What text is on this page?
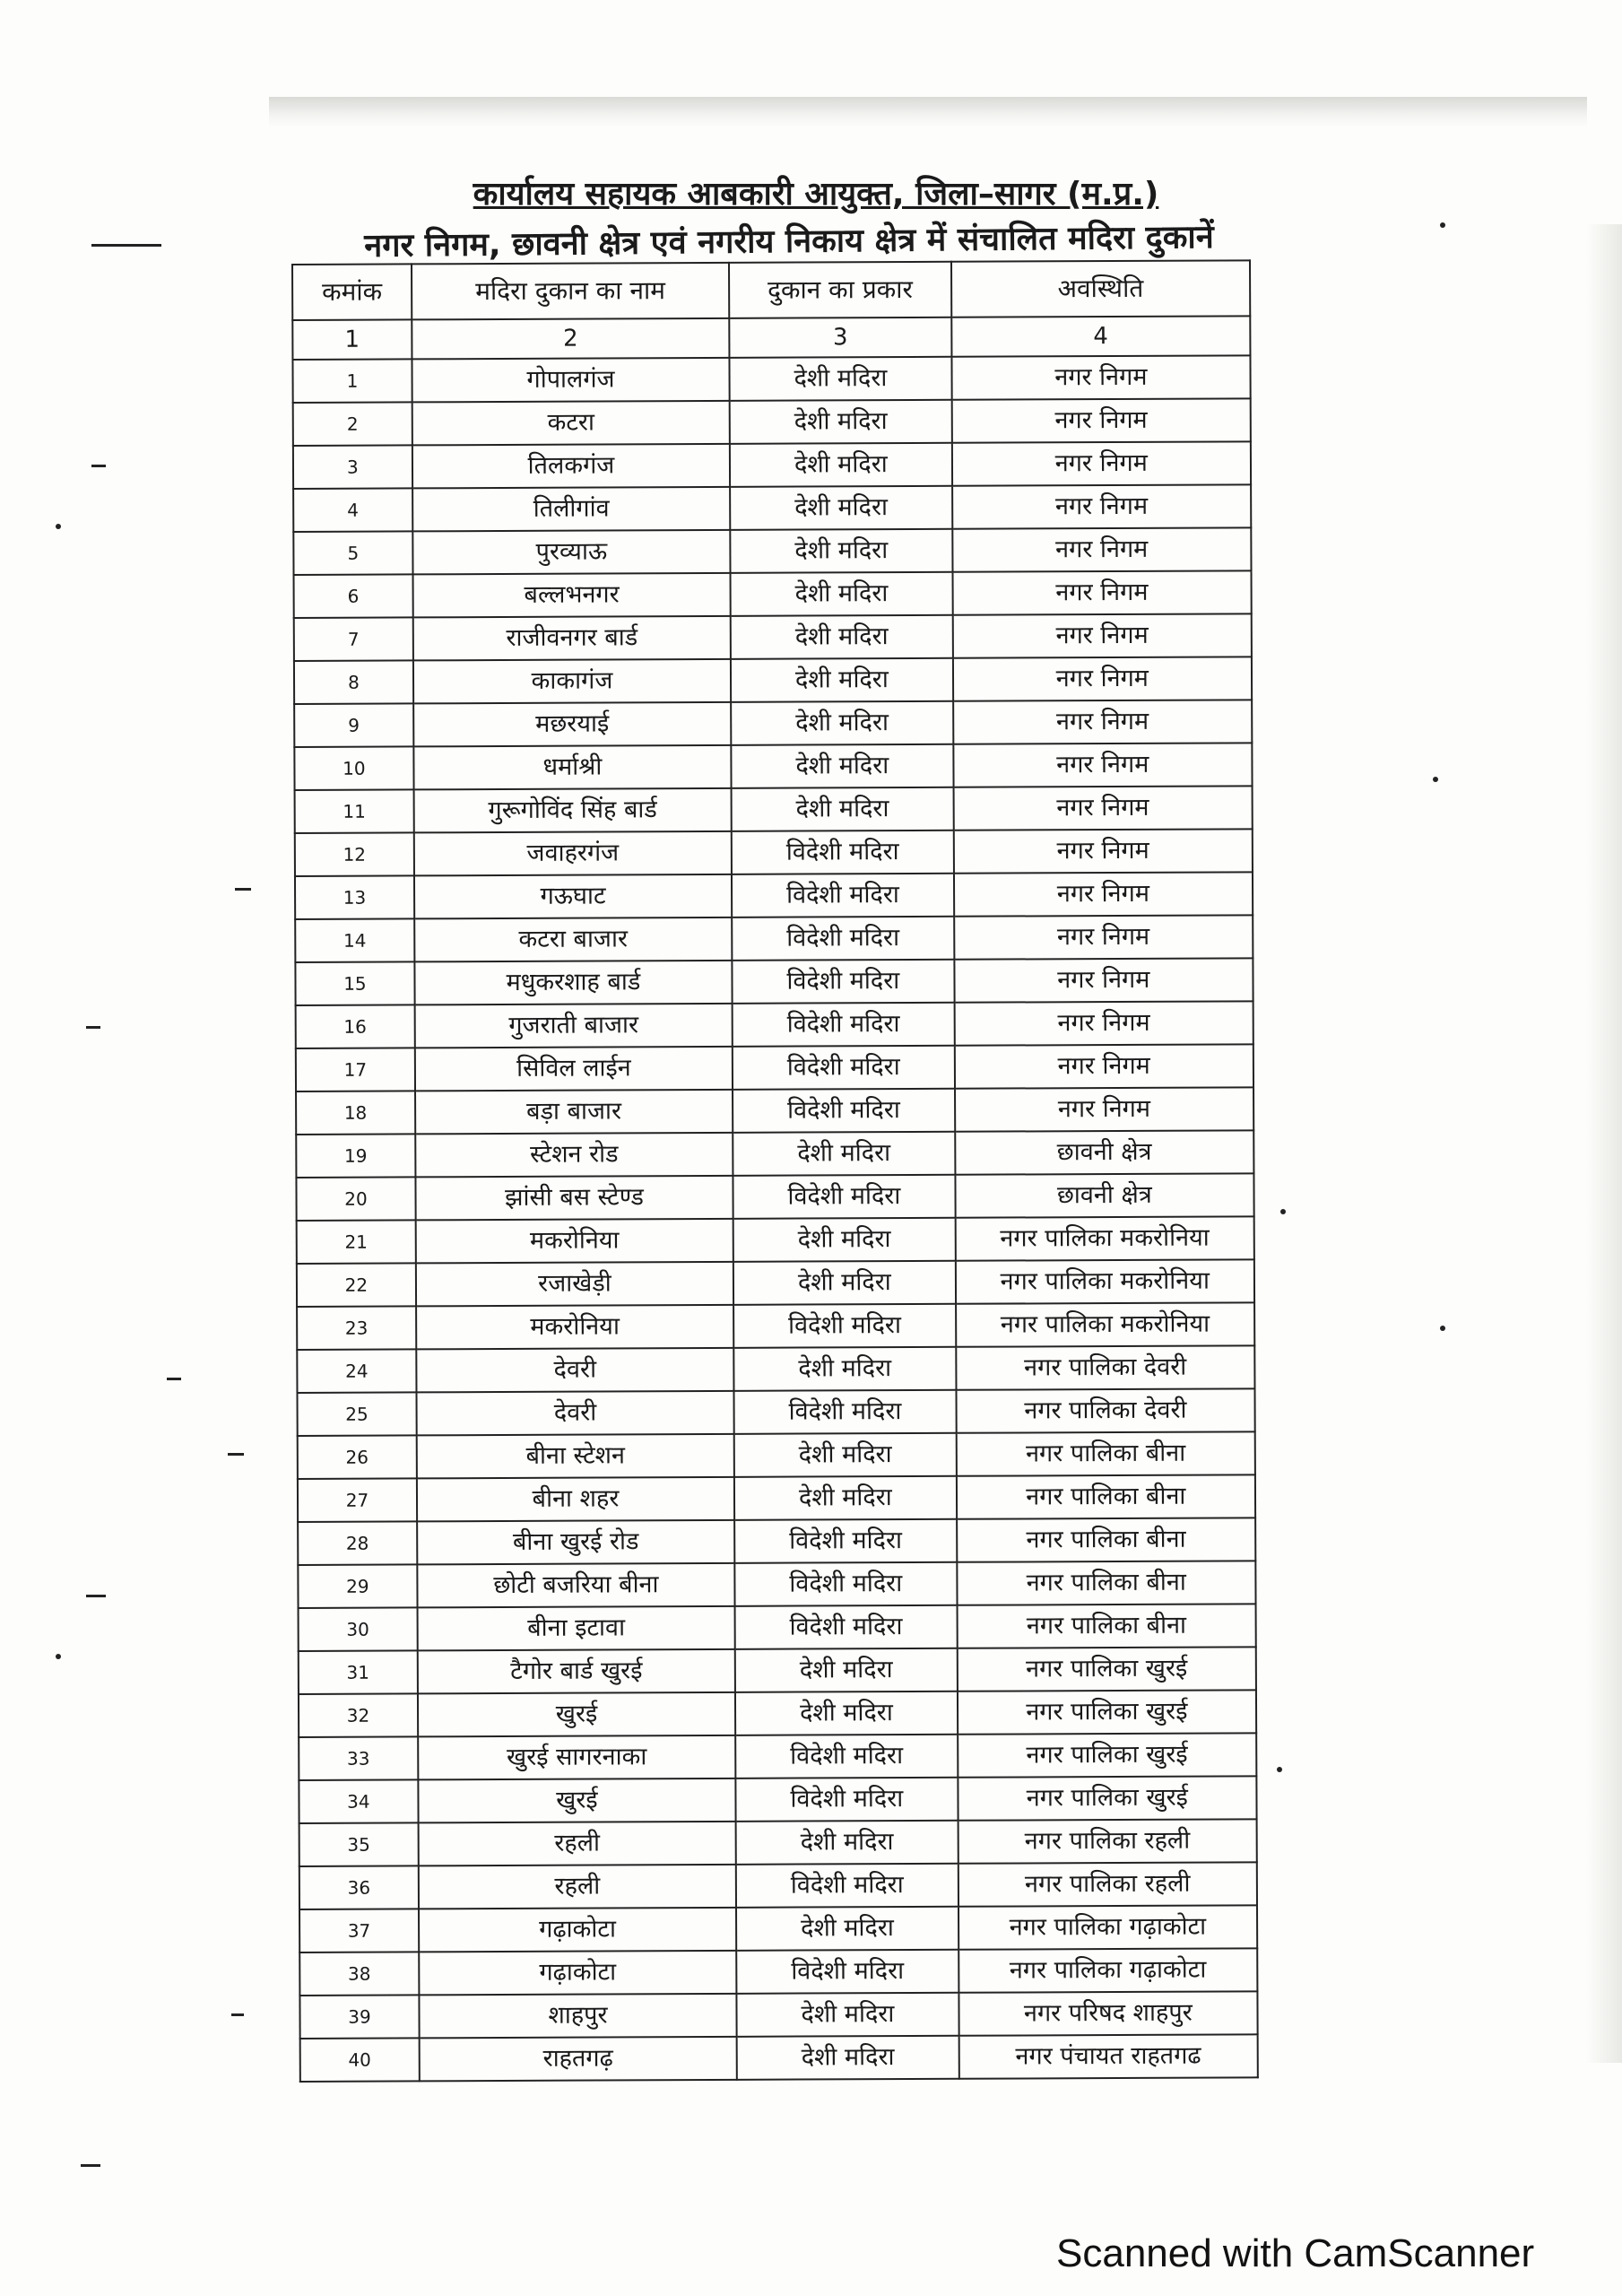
कार्यालय सहायक आबकारी आयुक्त, जिला–सागर (म.प्र.)
नगर निगम, छावनी क्षेत्र एवं नगरीय निकाय क्षेत्र में संचालित मदिरा दुकानें
कमांक	मदिरा दुकान का नाम	दुकान का प्रकार	अवस्थिति
1	2	3	4
1	गोपालगंज	देशी मदिरा	नगर निगम
2	कटरा	देशी मदिरा	नगर निगम
3	तिलकगंज	देशी मदिरा	नगर निगम
4	तिलीगांव	देशी मदिरा	नगर निगम
5	पुरव्याऊ	देशी मदिरा	नगर निगम
6	बल्लभनगर	देशी मदिरा	नगर निगम
7	राजीवनगर बार्ड	देशी मदिरा	नगर निगम
8	काकागंज	देशी मदिरा	नगर निगम
9	मछरयाई	देशी मदिरा	नगर निगम
10	धर्माश्री	देशी मदिरा	नगर निगम
11	गुरूगोविंद सिंह बार्ड	देशी मदिरा	नगर निगम
12	जवाहरगंज	विदेशी मदिरा	नगर निगम
13	गऊघाट	विदेशी मदिरा	नगर निगम
14	कटरा बाजार	विदेशी मदिरा	नगर निगम
15	मधुकरशाह बार्ड	विदेशी मदिरा	नगर निगम
16	गुजराती बाजार	विदेशी मदिरा	नगर निगम
17	सिविल लाईन	विदेशी मदिरा	नगर निगम
18	बड़ा बाजार	विदेशी मदिरा	नगर निगम
19	स्टेशन रोड	देशी मदिरा	छावनी क्षेत्र
20	झांसी बस स्टेण्ड	विदेशी मदिरा	छावनी क्षेत्र
21	मकरोनिया	देशी मदिरा	नगर पालिका मकरोनिया
22	रजाखेड़ी	देशी मदिरा	नगर पालिका मकरोनिया
23	मकरोनिया	विदेशी मदिरा	नगर पालिका मकरोनिया
24	देवरी	देशी मदिरा	नगर पालिका देवरी
25	देवरी	विदेशी मदिरा	नगर पालिका देवरी
26	बीना स्टेशन	देशी मदिरा	नगर पालिका बीना
27	बीना शहर	देशी मदिरा	नगर पालिका बीना
28	बीना खुरई रोड	विदेशी मदिरा	नगर पालिका बीना
29	छोटी बजरिया बीना	विदेशी मदिरा	नगर पालिका बीना
30	बीना इटावा	विदेशी मदिरा	नगर पालिका बीना
31	टैगोर बार्ड खुरई	देशी मदिरा	नगर पालिका खुरई
32	खुरई	देशी मदिरा	नगर पालिका खुरई
33	खुरई सागरनाका	विदेशी मदिरा	नगर पालिका खुरई
34	खुरई	विदेशी मदिरा	नगर पालिका खुरई
35	रहली	देशी मदिरा	नगर पालिका रहली
36	रहली	विदेशी मदिरा	नगर पालिका रहली
37	गढ़ाकोटा	देशी मदिरा	नगर पालिका गढ़ाकोटा
38	गढ़ाकोटा	विदेशी मदिरा	नगर पालिका गढ़ाकोटा
39	शाहपुर	देशी मदिरा	नगर परिषद शाहपुर
40	राहतगढ़	देशी मदिरा	नगर पंचायत राहतगढ
Scanned with CamScanner
